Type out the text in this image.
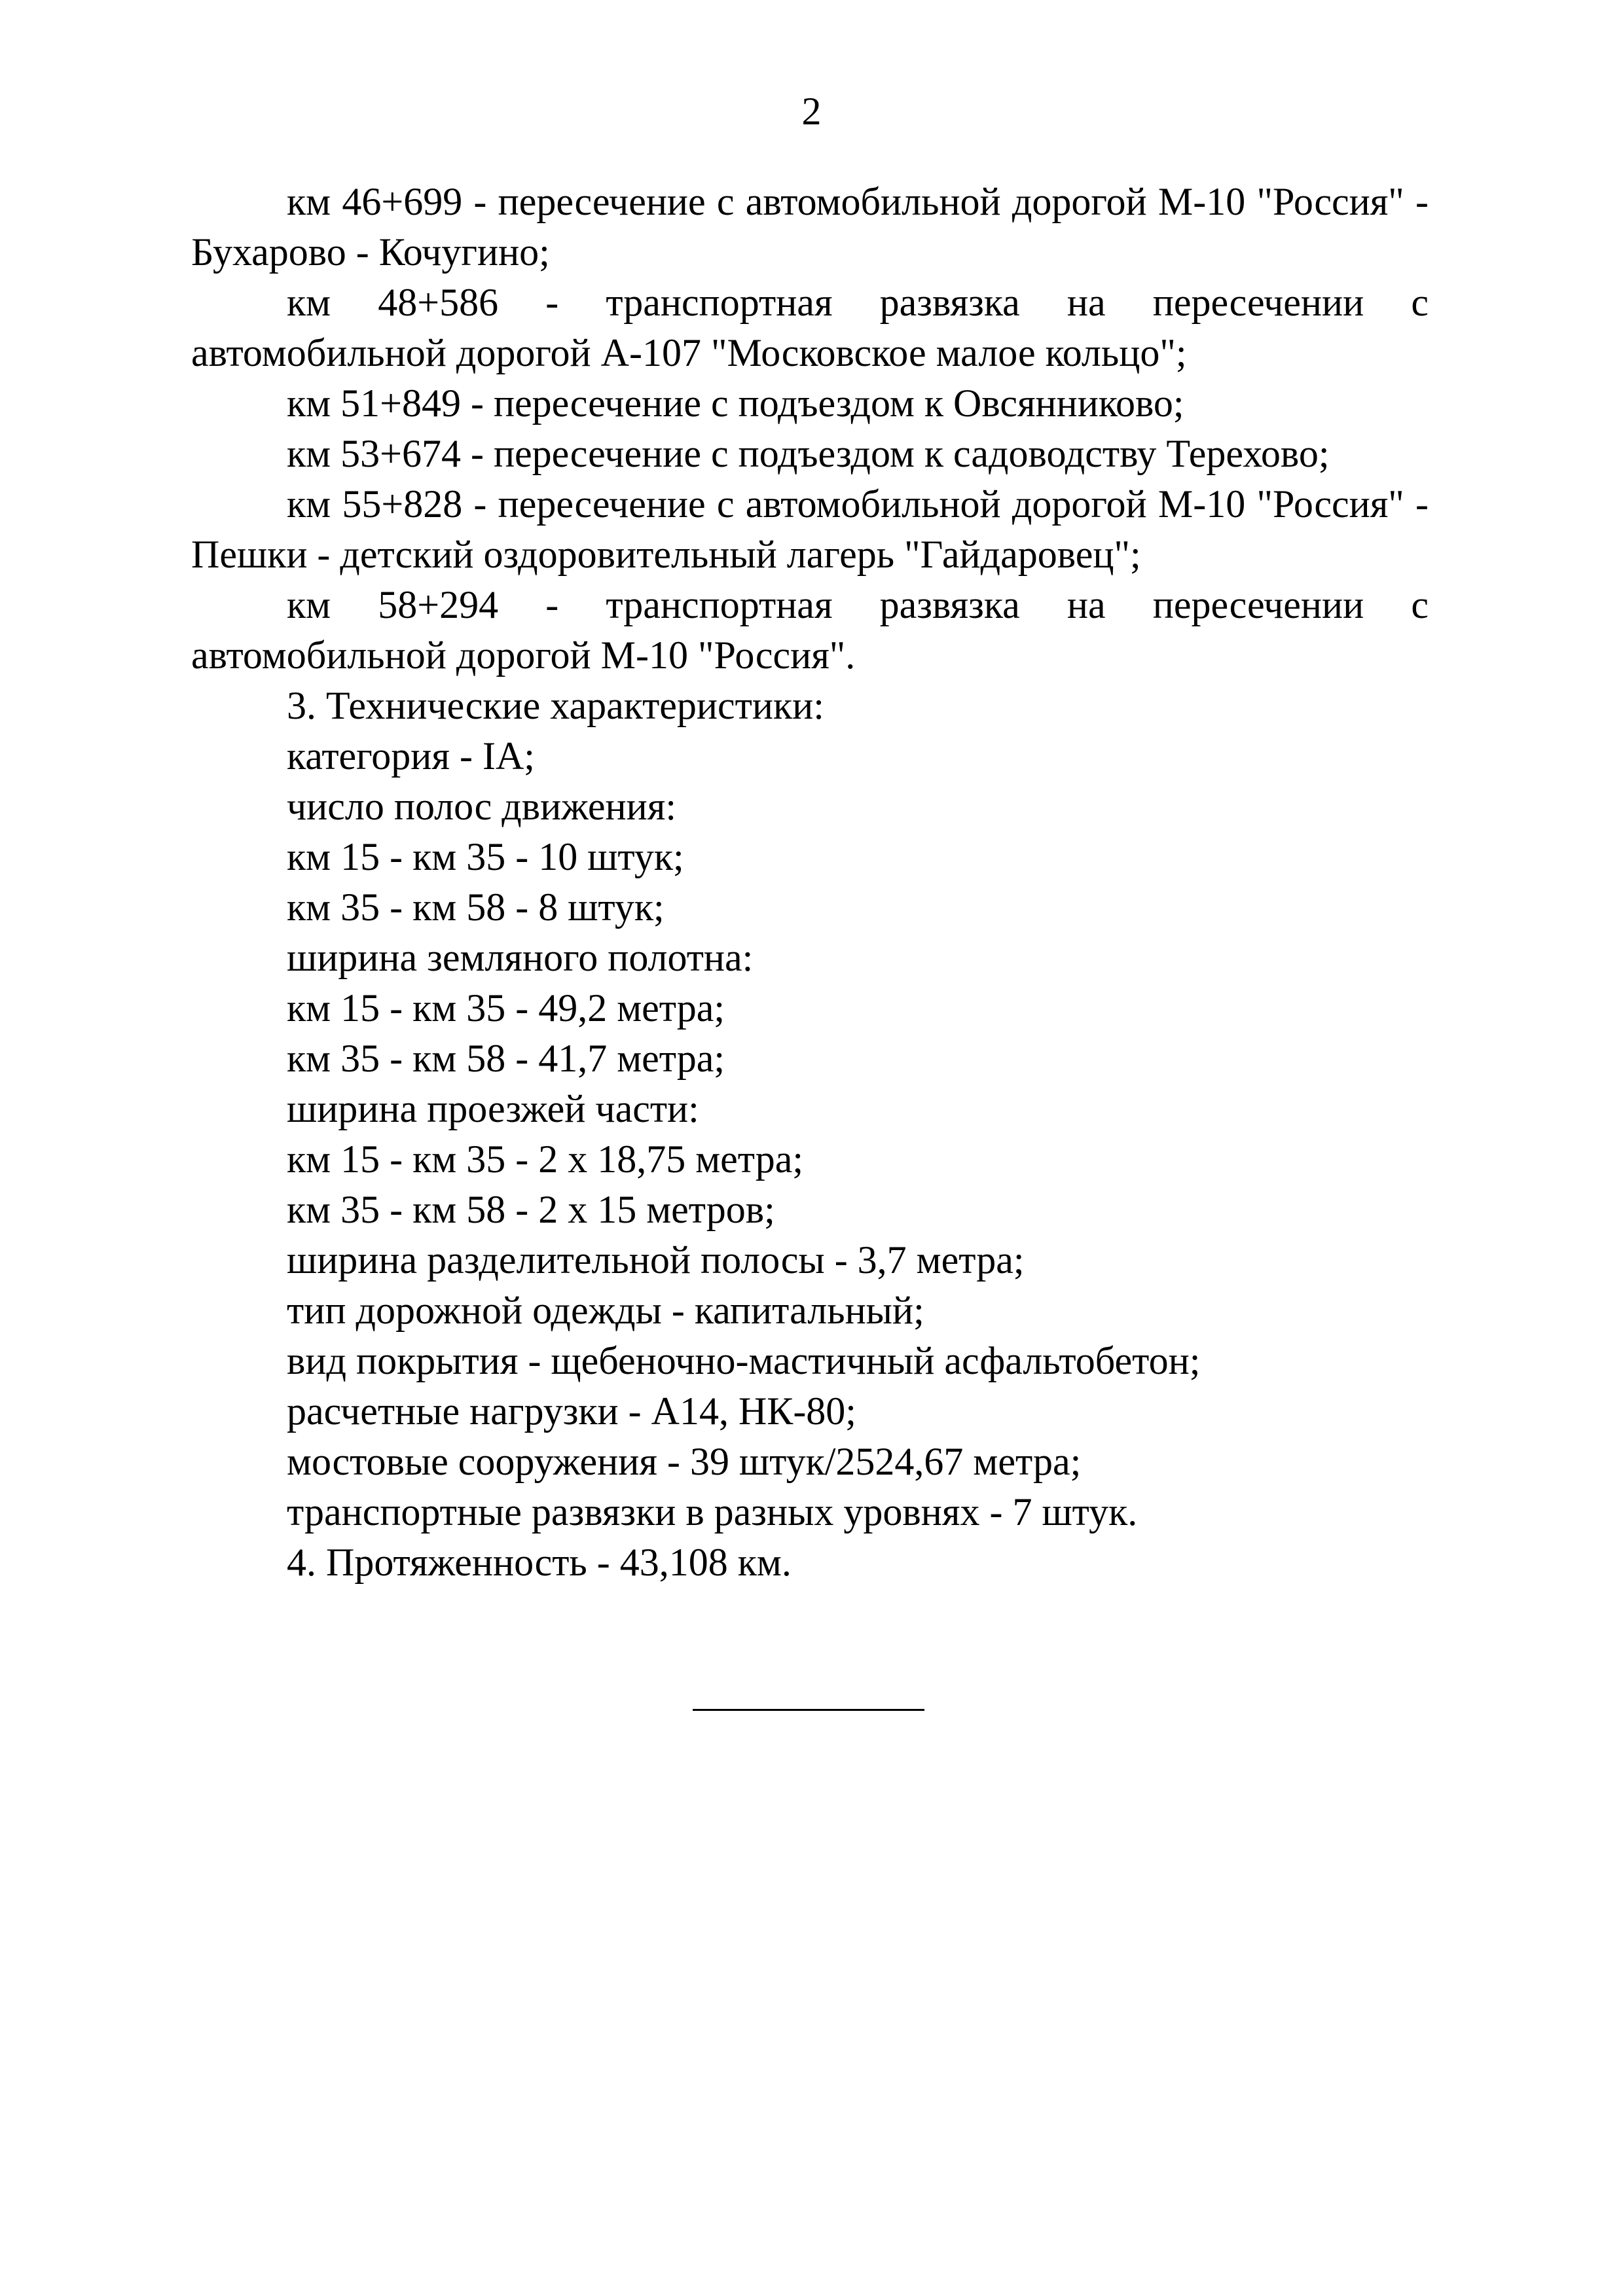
2

км 46+699 - пересечение с автомобильной дорогой М-10 "Россия" - Бухарово - Кочугино;

км 48+586 - транспортная развязка на пересечении с автомобильной дорогой А-107 "Московское малое кольцо";

км 51+849 - пересечение с подъездом к Овсянниково;

км 53+674 - пересечение с подъездом к садоводству Терехово;

км 55+828 - пересечение с автомобильной дорогой М-10 "Россия" - Пешки - детский оздоровительный лагерь "Гайдаровец";

км 58+294 - транспортная развязка на пересечении с автомобильной дорогой М-10 "Россия".

3. Технические характеристики:

категория - IА;

число полос движения:

км 15 - км 35 - 10 штук;

км 35 - км 58 - 8 штук;

ширина земляного полотна:

км 15 - км 35 - 49,2 метра;

км 35 - км 58 - 41,7 метра;

ширина проезжей части:

км 15 - км 35 - 2 х 18,75 метра;

км 35 - км 58 - 2 х 15 метров;

ширина разделительной полосы - 3,7 метра;

тип дорожной одежды - капитальный;

вид покрытия - щебеночно-мастичный асфальтобетон;

расчетные нагрузки - А14, НК-80;

мостовые сооружения - 39 штук/2524,67 метра;

транспортные развязки в разных уровнях - 7 штук.

4. Протяженность - 43,108 км.
